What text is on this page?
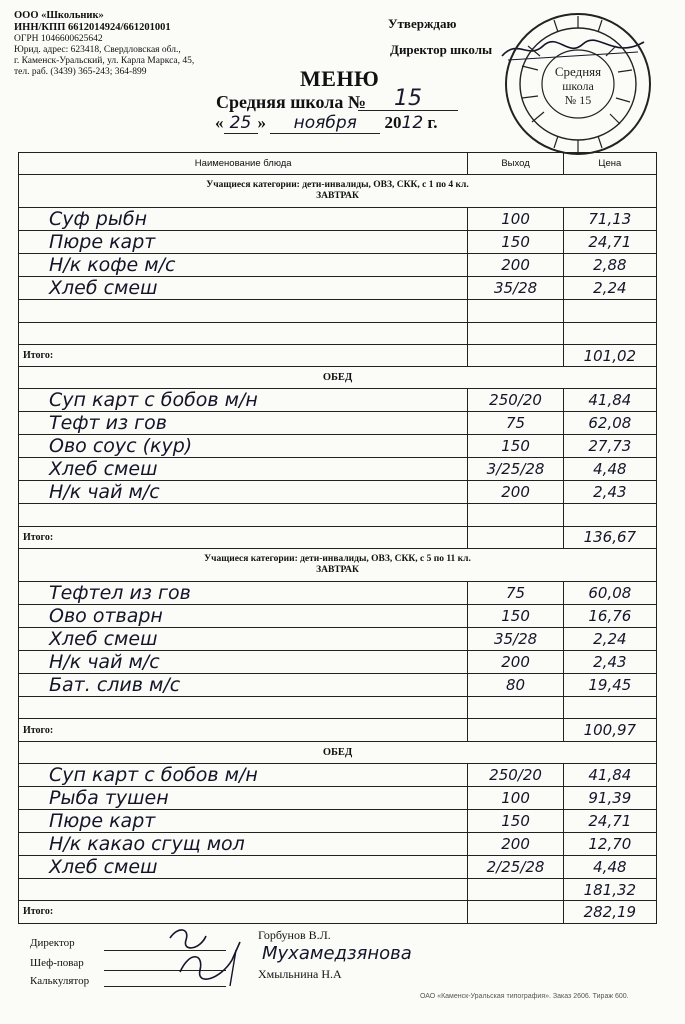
ООО «Школьник»
ИНН/КПП 6612014924/661201001
ОГРН 1046600625642
Юрид. адрес: 623418, Свердловская обл.,
г. Каменск-Уральский, ул. Карла Маркса, 45,
тел. раб. (3439) 365-243; 364-899
Утверждаю
Директор школы
Средняя
школа
№ 15
МЕНЮ
Средняя школа №	15
« 25 » ноября 2012 г.
Наименование блюда	Выход	Цена

Учащиеся категории: дети-инвалиды, ОВЗ, СКК, с 1 по 4 кл.
ЗАВТРАК		

Суф рыбн	100	71,13
Пюре карт	150	24,71
Н/к кофе м/с	200	2,88
Хлеб смеш	35/28	2,24

Итого:		101,02
ОБЕД		
Суп карт с бобов м/н	250/20	41,84
Тефт из гов	75	62,08
Ово соус (кур)	150	27,73
Хлеб смеш	3/25/28	4,48
Н/к чай м/с	200	2,43

Итого:		136,67

Учащиеся категории: дети-инвалиды, ОВЗ, СКК, с 5 по 11 кл.
ЗАВТРАК		

Тефтел из гов	75	60,08
Ово отварн	150	16,76
Хлеб смеш	35/28	2,24
Н/к чай м/с	200	2,43
Бат. слив м/с	80	19,45

Итого:		100,97
ОБЕД		
Суп карт с бобов м/н	250/20	41,84
Рыба тушен	100	91,39
Пюре карт	150	24,71
Н/к какао сгущ мол	200	12,70
Хлеб смеш	2/25/28	4,48
		181,32
Итого:		282,19
Директор
Горбунов В.Л.
Шеф-повар	Мухамедзянова
Калькулятор	Хмыльнина Н.А
ОАО «Каменск-Уральская типография». Заказ 2606. Тираж 600.
